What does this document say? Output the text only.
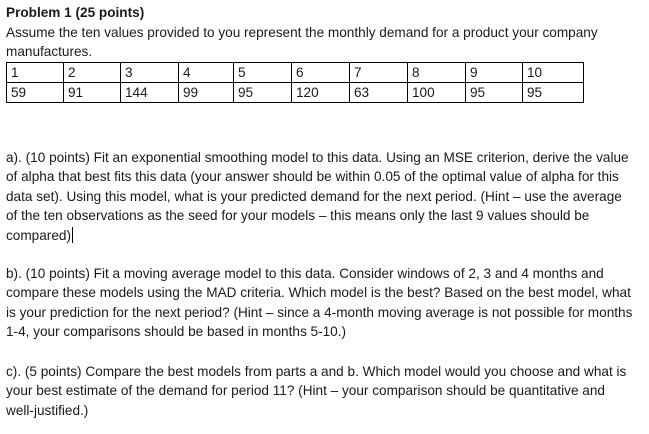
Problem 1 (25 points)
Assume the ten values provided to you represent the monthly demand for a product your company manufactures.
1	2	3	4	5	6	7	8	9	10
59	91	144	99	95	120	63	100	95	95
a). (10 points) Fit an exponential smoothing model to this data. Using an MSE criterion, derive the value of alpha that best fits this data (your answer should be within 0.05 of the optimal value of alpha for this data set). Using this model, what is your predicted demand for the next period. (Hint – use the average of the ten observations as the seed for your models – this means only the last 9 values should be compared)
b). (10 points) Fit a moving average model to this data. Consider windows of 2, 3 and 4 months and compare these models using the MAD criteria. Which model is the best? Based on the best model, what is your prediction for the next period? (Hint – since a 4-month moving average is not possible for months 1-4, your comparisons should be based in months 5-10.)
c). (5 points) Compare the best models from parts a and b. Which model would you choose and what is your best estimate of the demand for period 11? (Hint – your comparison should be quantitative and well-justified.)
